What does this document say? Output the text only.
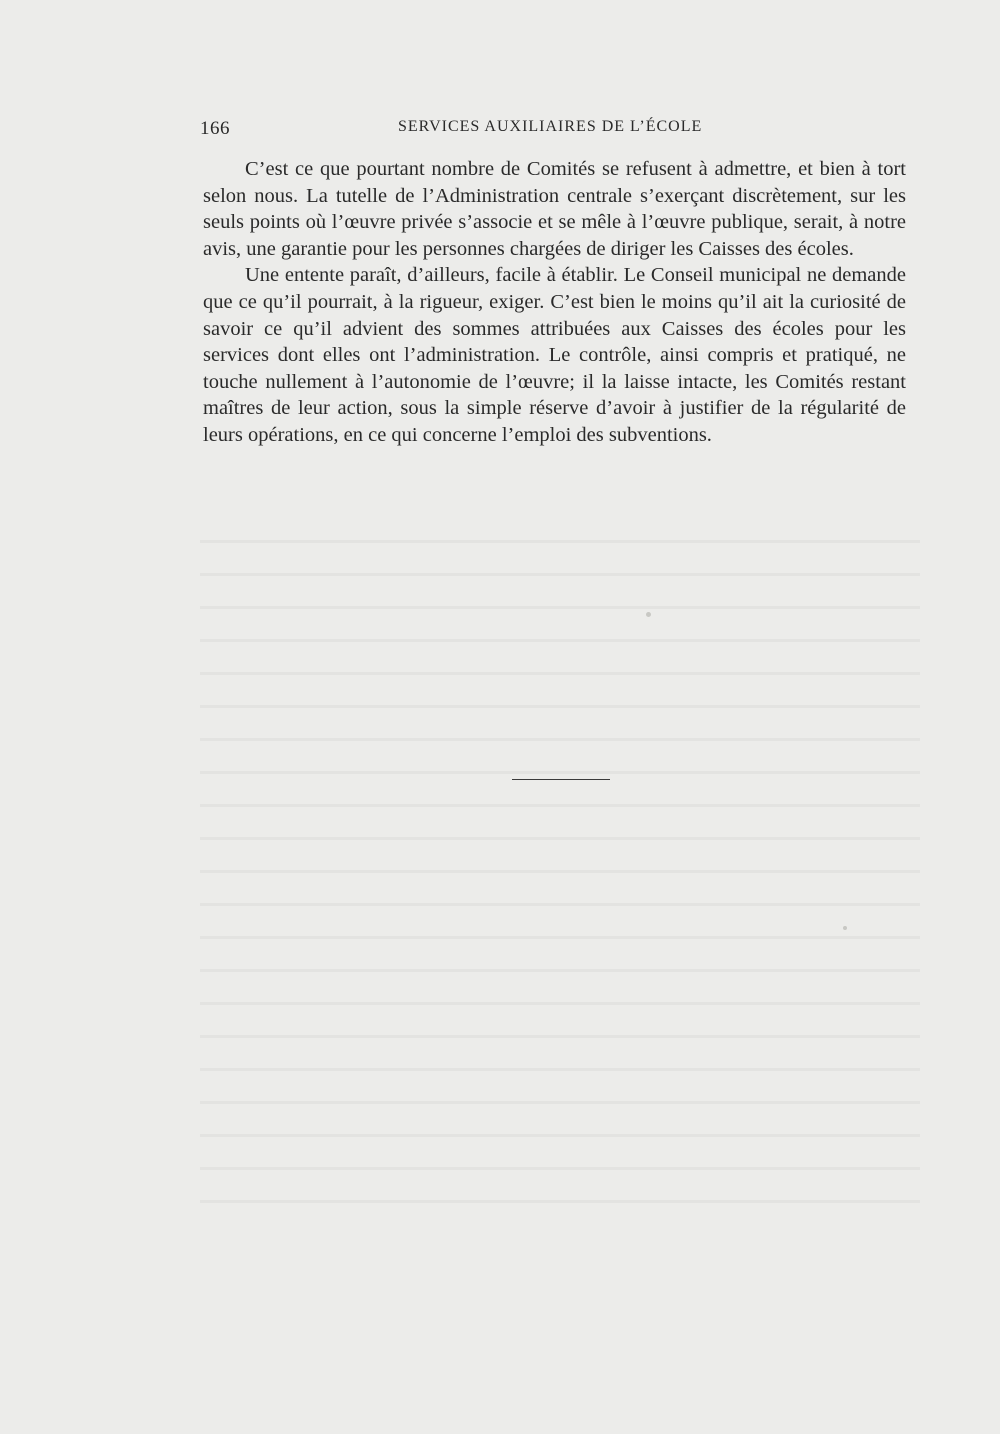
166	SERVICES AUXILIAIRES DE L’ÉCOLE

C’est ce que pourtant nombre de Comités se refusent à admettre, et bien à tort selon nous. La tutelle de l’Administration centrale s’exerçant discrètement, sur les seuls points où l’œuvre privée s’associe et se mêle à l’œuvre publique, serait, à notre avis, une garantie pour les personnes chargées de diriger les Caisses des écoles.

Une entente paraît, d’ailleurs, facile à établir. Le Conseil municipal ne demande que ce qu’il pourrait, à la rigueur, exiger. C’est bien le moins qu’il ait la curiosité de savoir ce qu’il advient des sommes attribuées aux Caisses des écoles pour les services dont elles ont l’administration. Le contrôle, ainsi compris et pratiqué, ne touche nullement à l’autonomie de l’œuvre; il la laisse intacte, les Comités restant maîtres de leur action, sous la simple réserve d’avoir à justifier de la régularité de leurs opérations, en ce qui concerne l’emploi des subventions.
